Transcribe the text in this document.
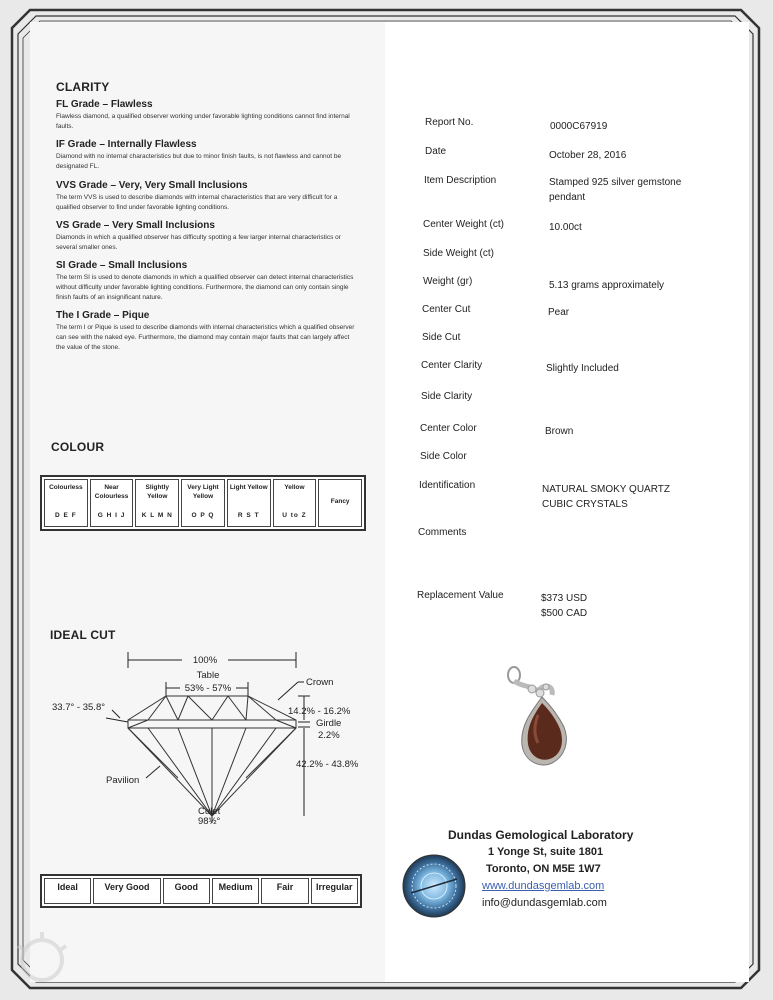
CLARITY
FL Grade – Flawless

Flawless diamond, a qualified observer working under favorable lighting conditions cannot find internal faults.

IF Grade – Internally Flawless

Diamond with no internal characteristics but due to minor finish faults, is not flawless and cannot be designated FL.

VVS Grade – Very, Very Small Inclusions

The term VVS is used to describe diamonds with internal characteristics that are very difficult for a qualified observer to find under favorable lighting conditions.

VS Grade – Very Small Inclusions

Diamonds in which a qualified observer has difficulty spotting a few larger internal characteristics or several smaller ones.

SI Grade – Small Inclusions

The term SI is used to denote diamonds in which a qualified observer can detect internal characteristics without difficulty under favorable lighting conditions. Furthermore, the diamond can only contain single finish faults of an insignificant nature.

The I Grade – Pique

The term I or Pique is used to describe diamonds with internal characteristics which a qualified observer can see with the naked eye. Furthermore, the diamond may contain major faults that can largely affect the value of the stone.

COLOUR
Colourless
D E F
Near Colourless
G H I J
Slightly Yellow
K L M N
Very Light Yellow
O P Q
Light Yellow
R S T
Yellow
U to Z
Fancy
IDEAL CUT
100%
Table
53% - 57%
33.7° - 35.8°
Crown
14.2% - 16.2%
Girdle
2.2%
42.2% - 43.8%
Pavilion
Culet
98½°
Ideal	Very Good	Good	Medium	Fair	Irregular
Report No.	0000C67919
Date	October 28, 2016
Item Description	Stamped 925 silver gemstone pendant
Center Weight (ct)	10.00ct
Side Weight (ct)
Weight (gr)	5.13 grams approximately
Center Cut	Pear
Side Cut
Center Clarity	Slightly Included
Side Clarity
Center Color	Brown
Side Color
Identification	NATURAL SMOKY QUARTZ CUBIC CRYSTALS
Comments
Replacement Value	$373 USD $500 CAD
Dundas Gemological Laboratory
1 Yonge St, suite 1801
Toronto, ON M5E 1W7
www.dundasgemlab.com
info@dundasgemlab.com
